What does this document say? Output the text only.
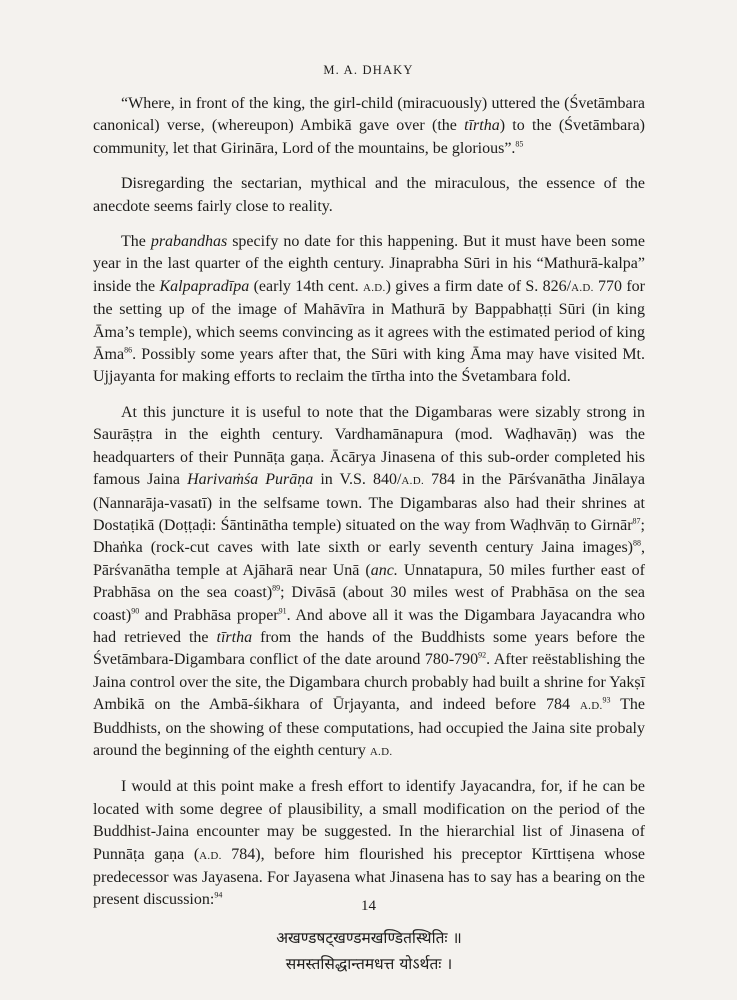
M. A. DHAKY

“Where, in front of the king, the girl-child (miracuously) uttered the (Śvetāmbara canonical) verse, (whereupon) Ambikā gave over (the tīrtha) to the (Śvetāmbara) community, let that Girināra, Lord of the mountains, be glorious”.$^{85}$

Disregarding the sectarian, mythical and the miraculous, the essence of the anecdote seems fairly close to reality.

The prabandhas specify no date for this happening. But it must have been some year in the last quarter of the eighth century. Jinaprabha Sūri in his “Mathurā-kalpa” inside the Kalpapradīpa (early 14th cent. A.D.) gives a firm date of S. 826/A.D. 770 for the setting up of the image of Mahāvīra in Mathurā by Bappabhaṭṭi Sūri (in king Āma’s temple), which seems convincing as it agrees with the estimated period of king Āma$^{86}$. Possibly some years after that, the Sūri with king Āma may have visited Mt. Ujjayanta for making efforts to reclaim the tīrtha into the Śvetambara fold.

At this juncture it is useful to note that the Digambaras were sizably strong in Saurāṣṭra in the eighth century. Vardhamānapura (mod. Waḍhavāṇ) was the headquarters of their Punnāṭa gaṇa. Ācārya Jinasena of this sub-order completed his famous Jaina Harivaṁśa Purāṇa in V.S. 840/A.D. 784 in the Pārśvanātha Jinālaya (Nannarāja-vasatī) in the selfsame town. The Digambaras also had their shrines at Dostaṭikā (Doṭṭaḍi: Śāntinātha temple) situated on the way from Waḍhvāṇ to Girnār$^{87}$; Dhaṅka (rock-cut caves with late sixth or early seventh century Jaina images)$^{88}$, Pārśvanātha temple at Ajāharā near Unā (anc. Unnatapura, 50 miles further east of Prabhāsa on the sea coast)$^{89}$; Divāsā (about 30 miles west of Prabhāsa on the sea coast)$^{90}$ and Prabhāsa proper$^{91}$. And above all it was the Digambara Jayacandra who had retrieved the tīrtha from the hands of the Buddhists some years before the Śvetāmbara-Digambara conflict of the date around $780-790^{92}$. After reëstablishing the Jaina control over the site, the Digambara church probably had built a shrine for Yakṣī Ambikā on the Ambā-śikhara of Ūrjayanta, and indeed before 784 A.D.$^{93}$ The Buddhists, on the showing of these computations, had occupied the Jaina site probaly around the beginning of the eighth century A.D.

I would at this point make a fresh effort to identify Jayacandra, for, if he can be located with some degree of plausibility, a small modification on the period of the Buddhist-Jaina encounter may be suggested. In the hierarchial list of Jinasena of Punnāṭa gaṇa (A.D. 784), before him flourished his preceptor Kīrttiṣena whose predecessor was Jayasena. For Jayasena what Jinasena has to say has a bearing on the present discussion:$^{94}$

अखण्डषट्खण्डमखण्डितस्थितिः ॥

समस्तसिद्धान्तमधत्त योऽर्थतः ।

14
